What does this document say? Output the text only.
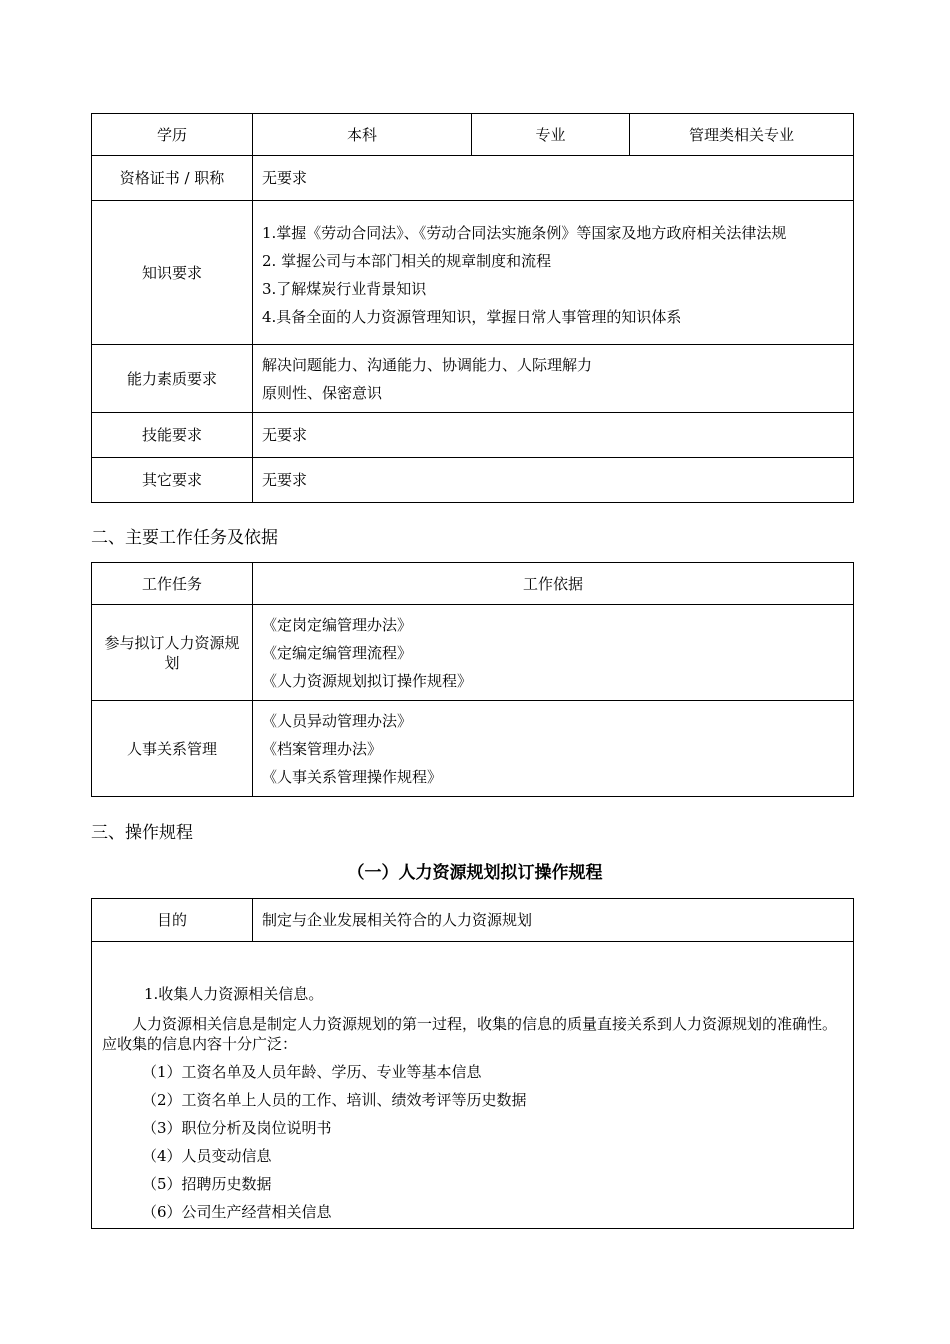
学历	本科	专业	管理类相关专业
资格证书 / 职称	无要求		
知识要求	1.掌握《劳动合同法》、《劳动合同法实施条例》等国家及地方政府相关法律法规

2. 掌握公司与本部门相关的规章制度和流程

3.了解煤炭行业背景知识

4.具备全面的人力资源管理知识，掌握日常人事管理的知识体系		

能力素质要求	解决问题能力、沟通能力、协调能力、人际理解力

原则性、保密意识		

技能要求	无要求		
其它要求	无要求		
二、主要工作任务及依据
工作任务	工作依据
参与拟订人力资源规划	《定岗定编管理办法》

《定编定编管理流程》

《人力资源规划拟订操作规程》

人事关系管理	《人员异动管理办法》

《档案管理办法》

《人事关系管理操作规程》

三、操作规程
（一）人力资源规划拟订操作规程
目的	制定与企业发展相关符合的人力资源规划

1.收集人力资源相关信息。

人力资源相关信息是制定人力资源规划的第一过程，收集的信息的质量直接关系到人力资源规划的准确性。应收集的信息内容十分广泛：

（1）工资名单及人员年龄、学历、专业等基本信息

（2）工资名单上人员的工作、培训、绩效考评等历史数据

（3）职位分析及岗位说明书

（4）人员变动信息

（5）招聘历史数据

（6）公司生产经营相关信息
